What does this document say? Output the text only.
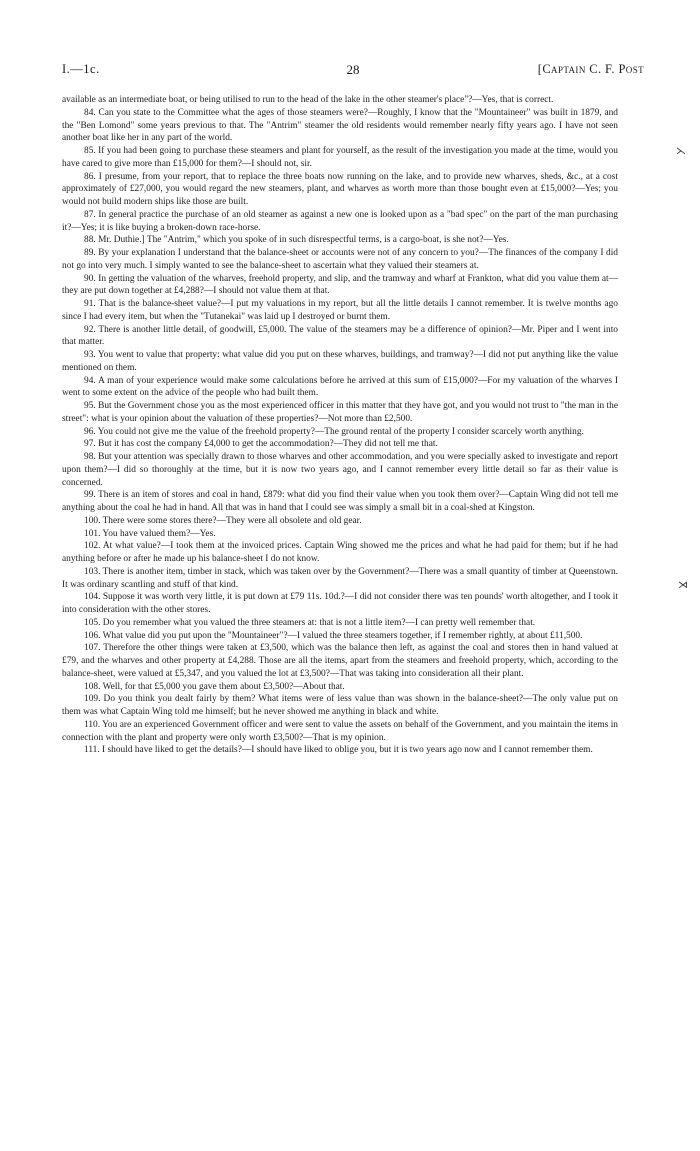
I.—1c.	28	[Captain C. F. Post

available as an intermediate boat, or being utilised to run to the head of the lake in the other steamer's place"?—Yes, that is correct.

84. Can you state to the Committee what the ages of those steamers were?—Roughly, I know that the "Mountaineer" was built in 1879, and the "Ben Lomond" some years previous to that. The "Antrim" steamer the old residents would remember nearly fifty years ago. I have not seen another boat like her in any part of the world.

85. If you had been going to purchase these steamers and plant for yourself, as the result of the investigation you made at the time, would you have cared to give more than £15,000 for them?—I should not, sir.

86. I presume, from your report, that to replace the three boats now running on the lake, and to provide new wharves, sheds, &c., at a cost approximately of £27,000, you would regard the new steamers, plant, and wharves as worth more than those bought even at £15,000?—Yes; you would not build modern ships like those are built.

87. In general practice the purchase of an old steamer as against a new one is looked upon as a "bad spec" on the part of the man purchasing it?—Yes; it is like buying a broken-down race-horse.

88. Mr. Duthie.] The "Antrim," which you spoke of in such disrespectful terms, is a cargo-boat, is she not?—Yes.

89. By your explanation I understand that the balance-sheet or accounts were not of any concern to you?—The finances of the company I did not go into very much. I simply wanted to see the balance-sheet to ascertain what they valued their steamers at.

90. In getting the valuation of the wharves, freehold property, and slip, and the tramway and wharf at Frankton, what did you value them at—they are put down together at £4,288?—I should not value them at that.

91. That is the balance-sheet value?—I put my valuations in my report, but all the little details I cannot remember. It is twelve months ago since I had every item, but when the "Tutanekai" was laid up I destroyed or burnt them.

92. There is another little detail, of goodwill, £5,000. The value of the steamers may be a difference of opinion?—Mr. Piper and I went into that matter.

93. You went to value that property: what value did you put on these wharves, buildings, and tramway?—I did not put anything like the value mentioned on them.

94. A man of your experience would make some calculations before he arrived at this sum of £15,000?—For my valuation of the wharves I went to some extent on the advice of the people who had built them.

95. But the Government chose you as the most experienced officer in this matter that they have got, and you would not trust to "the man in the street": what is your opinion about the valuation of these properties?—Not more than £2,500.

96. You could not give me the value of the freehold property?—The ground rental of the property I consider scarcely worth anything.

97. But it has cost the company £4,000 to get the accommodation?—They did not tell me that.

98. But your attention was specially drawn to those wharves and other accommodation, and you were specially asked to investigate and report upon them?—I did so thoroughly at the time, but it is now two years ago, and I cannot remember every little detail so far as their value is concerned.

99. There is an item of stores and coal in hand, £879: what did you find their value when you took them over?—Captain Wing did not tell me anything about the coal he had in hand. All that was in hand that I could see was simply a small bit in a coal-shed at Kingston.

100. There were some stores there?—They were all obsolete and old gear.

101. You have valued them?—Yes.

102. At what value?—I took them at the invoiced prices. Captain Wing showed me the prices and what he had paid for them; but if he had anything before or after he made up his balance-sheet I do not know.

103. There is another item, timber in stack, which was taken over by the Government?—There was a small quantity of timber at Queenstown. It was ordinary scantling and stuff of that kind.

104. Suppose it was worth very little, it is put down at £79 11s. 10d.?—I did not consider there was ten pounds' worth altogether, and I took it into consideration with the other stores.

105. Do you remember what you valued the three steamers at: that is not a little item?—I can pretty well remember that.

106. What value did you put upon the "Mountaineer"?—I valued the three steamers together, if I remember rightly, at about £11,500.

107. Therefore the other things were taken at £3,500, which was the balance then left, as against the coal and stores then in hand valued at £79, and the wharves and other property at £4,288. Those are all the items, apart from the steamers and freehold property, which, according to the balance-sheet, were valued at £5,347, and you valued the lot at £3,500?—That was taking into consideration all their plant.

108. Well, for that £5,000 you gave them about £3,500?—About that.

109. Do you think you dealt fairly by them? What items were of less value than was shown in the balance-sheet?—The only value put on them was what Captain Wing told me himself; but he never showed me anything in black and white.

110. You are an experienced Government officer and were sent to value the assets on behalf of the Government, and you maintain the items in connection with the plant and property were only worth £3,500?—That is my opinion.

111. I should have liked to get the details?—I should have liked to oblige you, but it is two years ago now and I cannot remember them.

⋋
⋊
